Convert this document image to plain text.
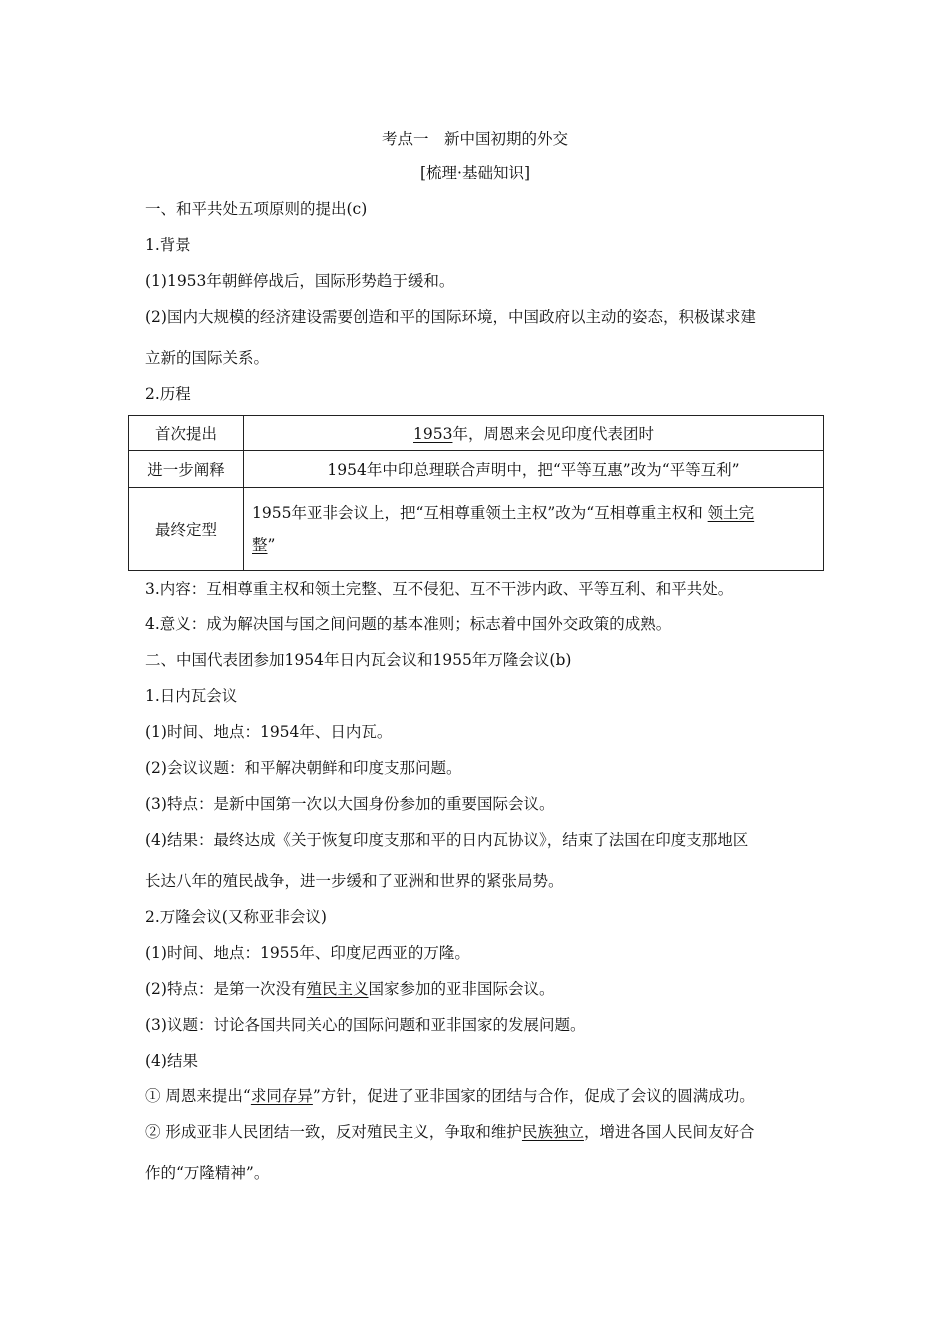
考点一　新中国初期的外交
[梳理·基础知识]
一、和平共处五项原则的提出(c)
1.背景
(1)1953年朝鲜停战后，国际形势趋于缓和。
(2)国内大规模的经济建设需要创造和平的国际环境，中国政府以主动的姿态，积极谋求建
立新的国际关系。
2.历程
首次提出	1953年，周恩来会见印度代表团时
进一步阐释	1954年中印总理联合声明中，把“平等互惠”改为“平等互利”
最终定型	1955年亚非会议上，把“互相尊重领土主权”改为“互相尊重主权和 领土完
整”
3.内容：互相尊重主权和领土完整、互不侵犯、互不干涉内政、平等互利、和平共处。
4.意义：成为解决国与国之间问题的基本准则；标志着中国外交政策的成熟。
二、中国代表团参加1954年日内瓦会议和1955年万隆会议(b)
1.日内瓦会议
(1)时间、地点：1954年、日内瓦。
(2)会议议题：和平解决朝鲜和印度支那问题。
(3)特点：是新中国第一次以大国身份参加的重要国际会议。
(4)结果：最终达成《关于恢复印度支那和平的日内瓦协议》，结束了法国在印度支那地区
长达八年的殖民战争，进一步缓和了亚洲和世界的紧张局势。
2.万隆会议(又称亚非会议)
(1)时间、地点：1955年、印度尼西亚的万隆。
(2)特点：是第一次没有殖民主义国家参加的亚非国际会议。
(3)议题：讨论各国共同关心的国际问题和亚非国家的发展问题。
(4)结果
① 周恩来提出“求同存异”方针，促进了亚非国家的团结与合作，促成了会议的圆满成功。
② 形成亚非人民团结一致，反对殖民主义，争取和维护民族独立，增进各国人民间友好合
作的“万隆精神”。
